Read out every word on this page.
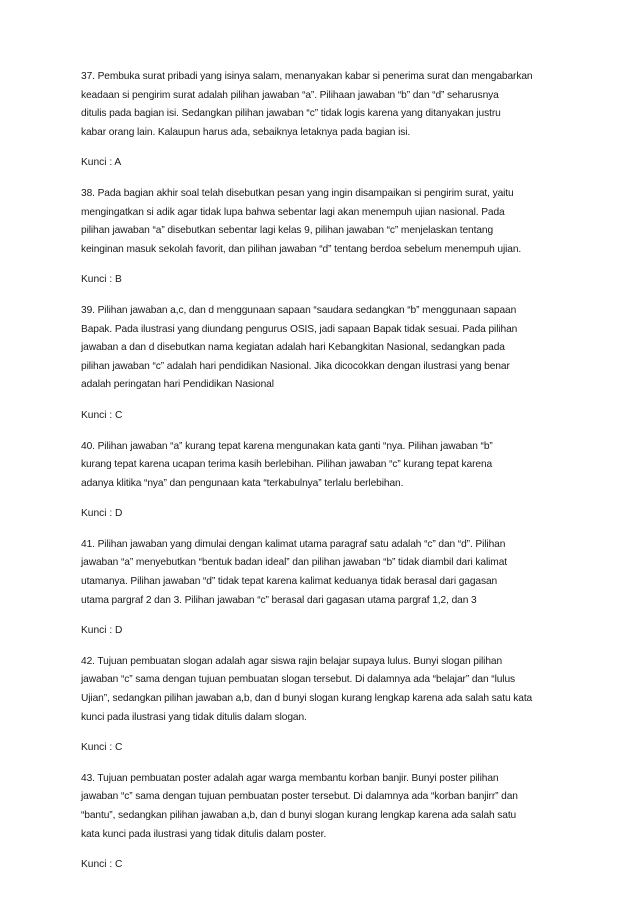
37. Pembuka surat pribadi yang isinya salam, menanyakan kabar si penerima surat dan mengabarkan
keadaan si pengirim surat adalah pilihan jawaban “a”. Pilihaan jawaban “b” dan “d” seharusnya
ditulis pada bagian isi. Sedangkan pilihan jawaban “c” tidak logis karena yang ditanyakan justru
kabar orang lain. Kalaupun harus ada, sebaiknya letaknya pada bagian isi.

Kunci : A

38. Pada bagian akhir soal telah disebutkan pesan yang ingin disampaikan si pengirim surat, yaitu
mengingatkan si adik agar tidak lupa bahwa sebentar lagi akan menempuh ujian nasional. Pada
pilihan jawaban “a” disebutkan sebentar lagi kelas 9, pilihan jawaban “c” menjelaskan tentang
keinginan masuk sekolah favorit, dan pilihan jawaban “d” tentang berdoa sebelum menempuh ujian.

Kunci : B

39. Pilihan jawaban a,c, dan d menggunaan sapaan “saudara sedangkan “b” menggunaan sapaan
Bapak. Pada ilustrasi yang diundang pengurus OSIS, jadi sapaan Bapak tidak sesuai. Pada pilihan
jawaban a dan d disebutkan nama kegiatan adalah hari Kebangkitan Nasional, sedangkan pada
pilihan jawaban “c” adalah hari pendidikan Nasional. Jika dicocokkan dengan ilustrasi yang benar
adalah peringatan hari Pendidikan Nasional

Kunci : C

40. Pilihan jawaban “a” kurang tepat karena mengunakan kata ganti “nya. Pilihan jawaban “b”
kurang tepat karena ucapan terima kasih berlebihan. Pilihan jawaban “c” kurang tepat karena
adanya klitika “nya” dan pengunaan kata “terkabulnya” terlalu berlebihan.

Kunci : D

41. Pilihan jawaban yang dimulai dengan kalimat utama paragraf satu adalah “c” dan “d”. Pilihan
jawaban “a” menyebutkan “bentuk badan ideal” dan pilihan jawaban “b” tidak diambil dari kalimat
utamanya. Pilihan jawaban “d” tidak tepat karena kalimat keduanya tidak berasal dari gagasan
utama pargraf 2 dan 3. Pilihan jawaban “c” berasal dari gagasan utama pargraf 1,2, dan 3

Kunci : D

42. Tujuan pembuatan slogan adalah agar siswa rajin belajar supaya lulus. Bunyi slogan pilihan
jawaban “c” sama dengan tujuan pembuatan slogan tersebut. Di dalamnya ada “belajar” dan “lulus
Ujian”, sedangkan pilihan jawaban a,b, dan d bunyi slogan kurang lengkap karena ada salah satu kata
kunci pada ilustrasi yang tidak ditulis dalam slogan.

Kunci : C

43. Tujuan pembuatan poster adalah agar warga membantu korban banjir. Bunyi poster pilihan
jawaban “c” sama dengan tujuan pembuatan poster tersebut. Di dalamnya ada “korban banjirr” dan
“bantu”, sedangkan pilihan jawaban a,b, dan d bunyi slogan kurang lengkap karena ada salah satu
kata kunci pada ilustrasi yang tidak ditulis dalam poster.

Kunci : C
